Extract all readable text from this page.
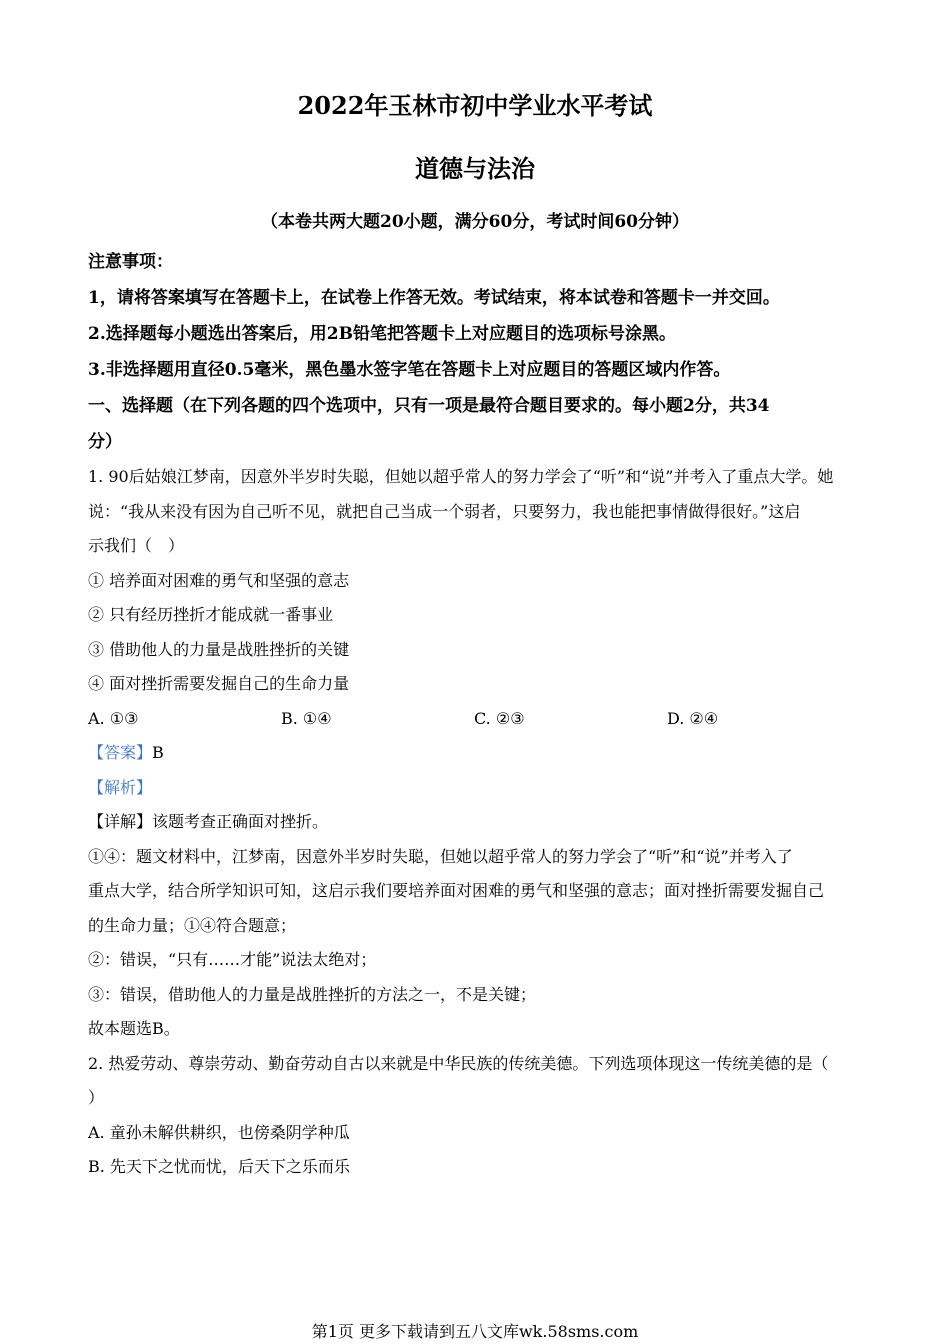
2022年玉林市初中学业水平考试
道德与法治
（本卷共两大题20小题，满分60分，考试时间60分钟）
注意事项：
1，请将答案填写在答题卡上，在试卷上作答无效。考试结束，将本试卷和答题卡一并交回。
2.选择题每小题选出答案后，用2B铅笔把答题卡上对应题目的选项标号涂黑。
3.非选择题用直径0.5毫米，黑色墨水签字笔在答题卡上对应题目的答题区域内作答。
一、选择题（在下列各题的四个选项中，只有一项是最符合题目要求的。每小题2分，共34
分）
1. 90后姑娘江梦南，因意外半岁时失聪，但她以超乎常人的努力学会了“听”和“说”并考入了重点大学。她
说：“我从来没有因为自己听不见，就把自己当成一个弱者，只要努力，我也能把事情做得很好。”这启
示我们（　）
① 培养面对困难的勇气和坚强的意志
② 只有经历挫折才能成就一番事业
③ 借助他人的力量是战胜挫折的关键
④ 面对挫折需要发掘自己的生命力量
A. ①③	B. ①④	C. ②③	D. ②④
【答案】B
【解析】
【详解】该题考查正确面对挫折。
①④：题文材料中，江梦南，因意外半岁时失聪，但她以超乎常人的努力学会了“听”和“说”并考入了
重点大学，结合所学知识可知，这启示我们要培养面对困难的勇气和坚强的意志；面对挫折需要发掘自己
的生命力量；①④符合题意；
②：错误，“只有……才能”说法太绝对；
③：错误，借助他人的力量是战胜挫折的方法之一，不是关键；
故本题选B。
2. 热爱劳动、尊崇劳动、勤奋劳动自古以来就是中华民族的传统美德。下列选项体现这一传统美德的是（
）
A. 童孙未解供耕织，也傍桑阴学种瓜
B. 先天下之忧而忧，后天下之乐而乐
第1页 更多下载请到五八文库wk.58sms.com
